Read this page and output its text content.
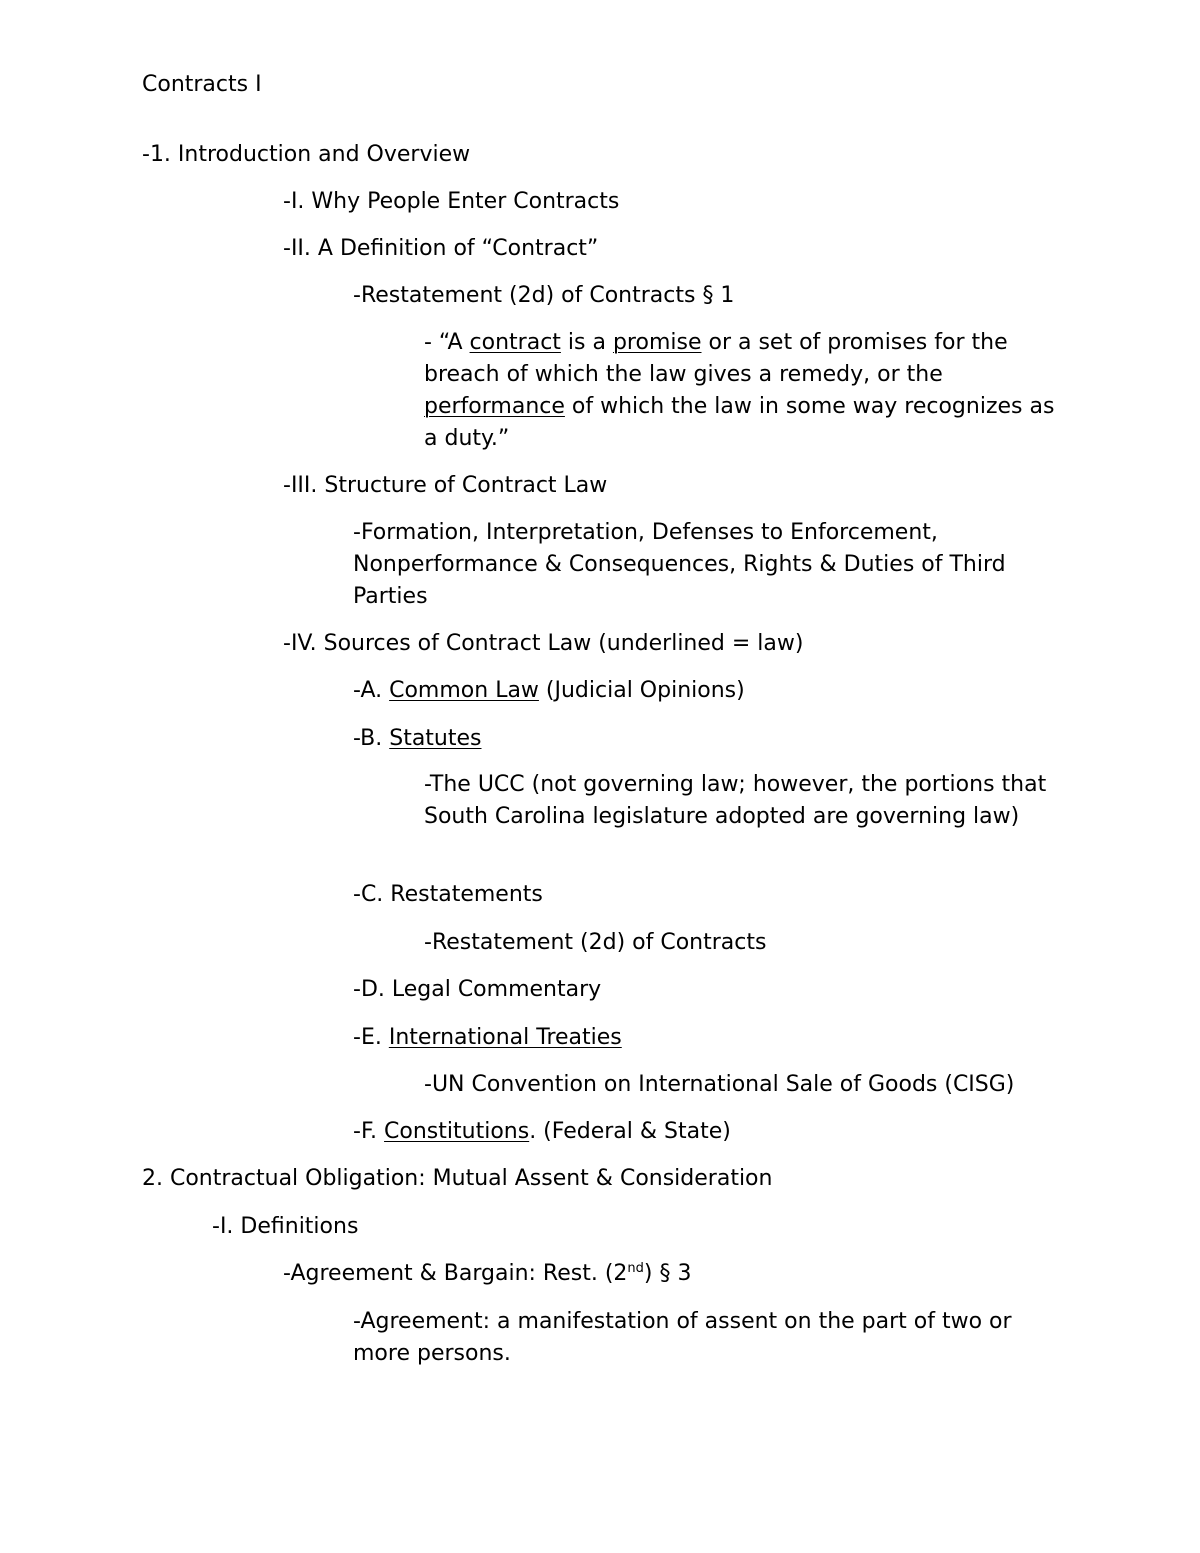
Contracts I
-1. Introduction and Overview
-I. Why People Enter Contracts
-II. A Definition of “Contract”
-Restatement (2d) of Contracts § 1
- “A contract is a promise or a set of promises for the breach of which the law gives a remedy, or the performance of which the law in some way recognizes as a duty.”
-III. Structure of Contract Law
-Formation, Interpretation, Defenses to Enforcement, Nonperformance & Consequences, Rights & Duties of Third Parties
-IV. Sources of Contract Law (underlined = law)
-A. Common Law (Judicial Opinions)
-B. Statutes
-The UCC (not governing law; however, the portions that South Carolina legislature adopted are governing law)
-C. Restatements
-Restatement (2d) of Contracts
-D. Legal Commentary
-E. International Treaties
-UN Convention on International Sale of Goods (CISG)
-F. Constitutions. (Federal & State)
2. Contractual Obligation: Mutual Assent & Consideration
-I. Definitions
-Agreement & Bargain: Rest. (2nd) § 3
-Agreement: a manifestation of assent on the part of two or more persons.
